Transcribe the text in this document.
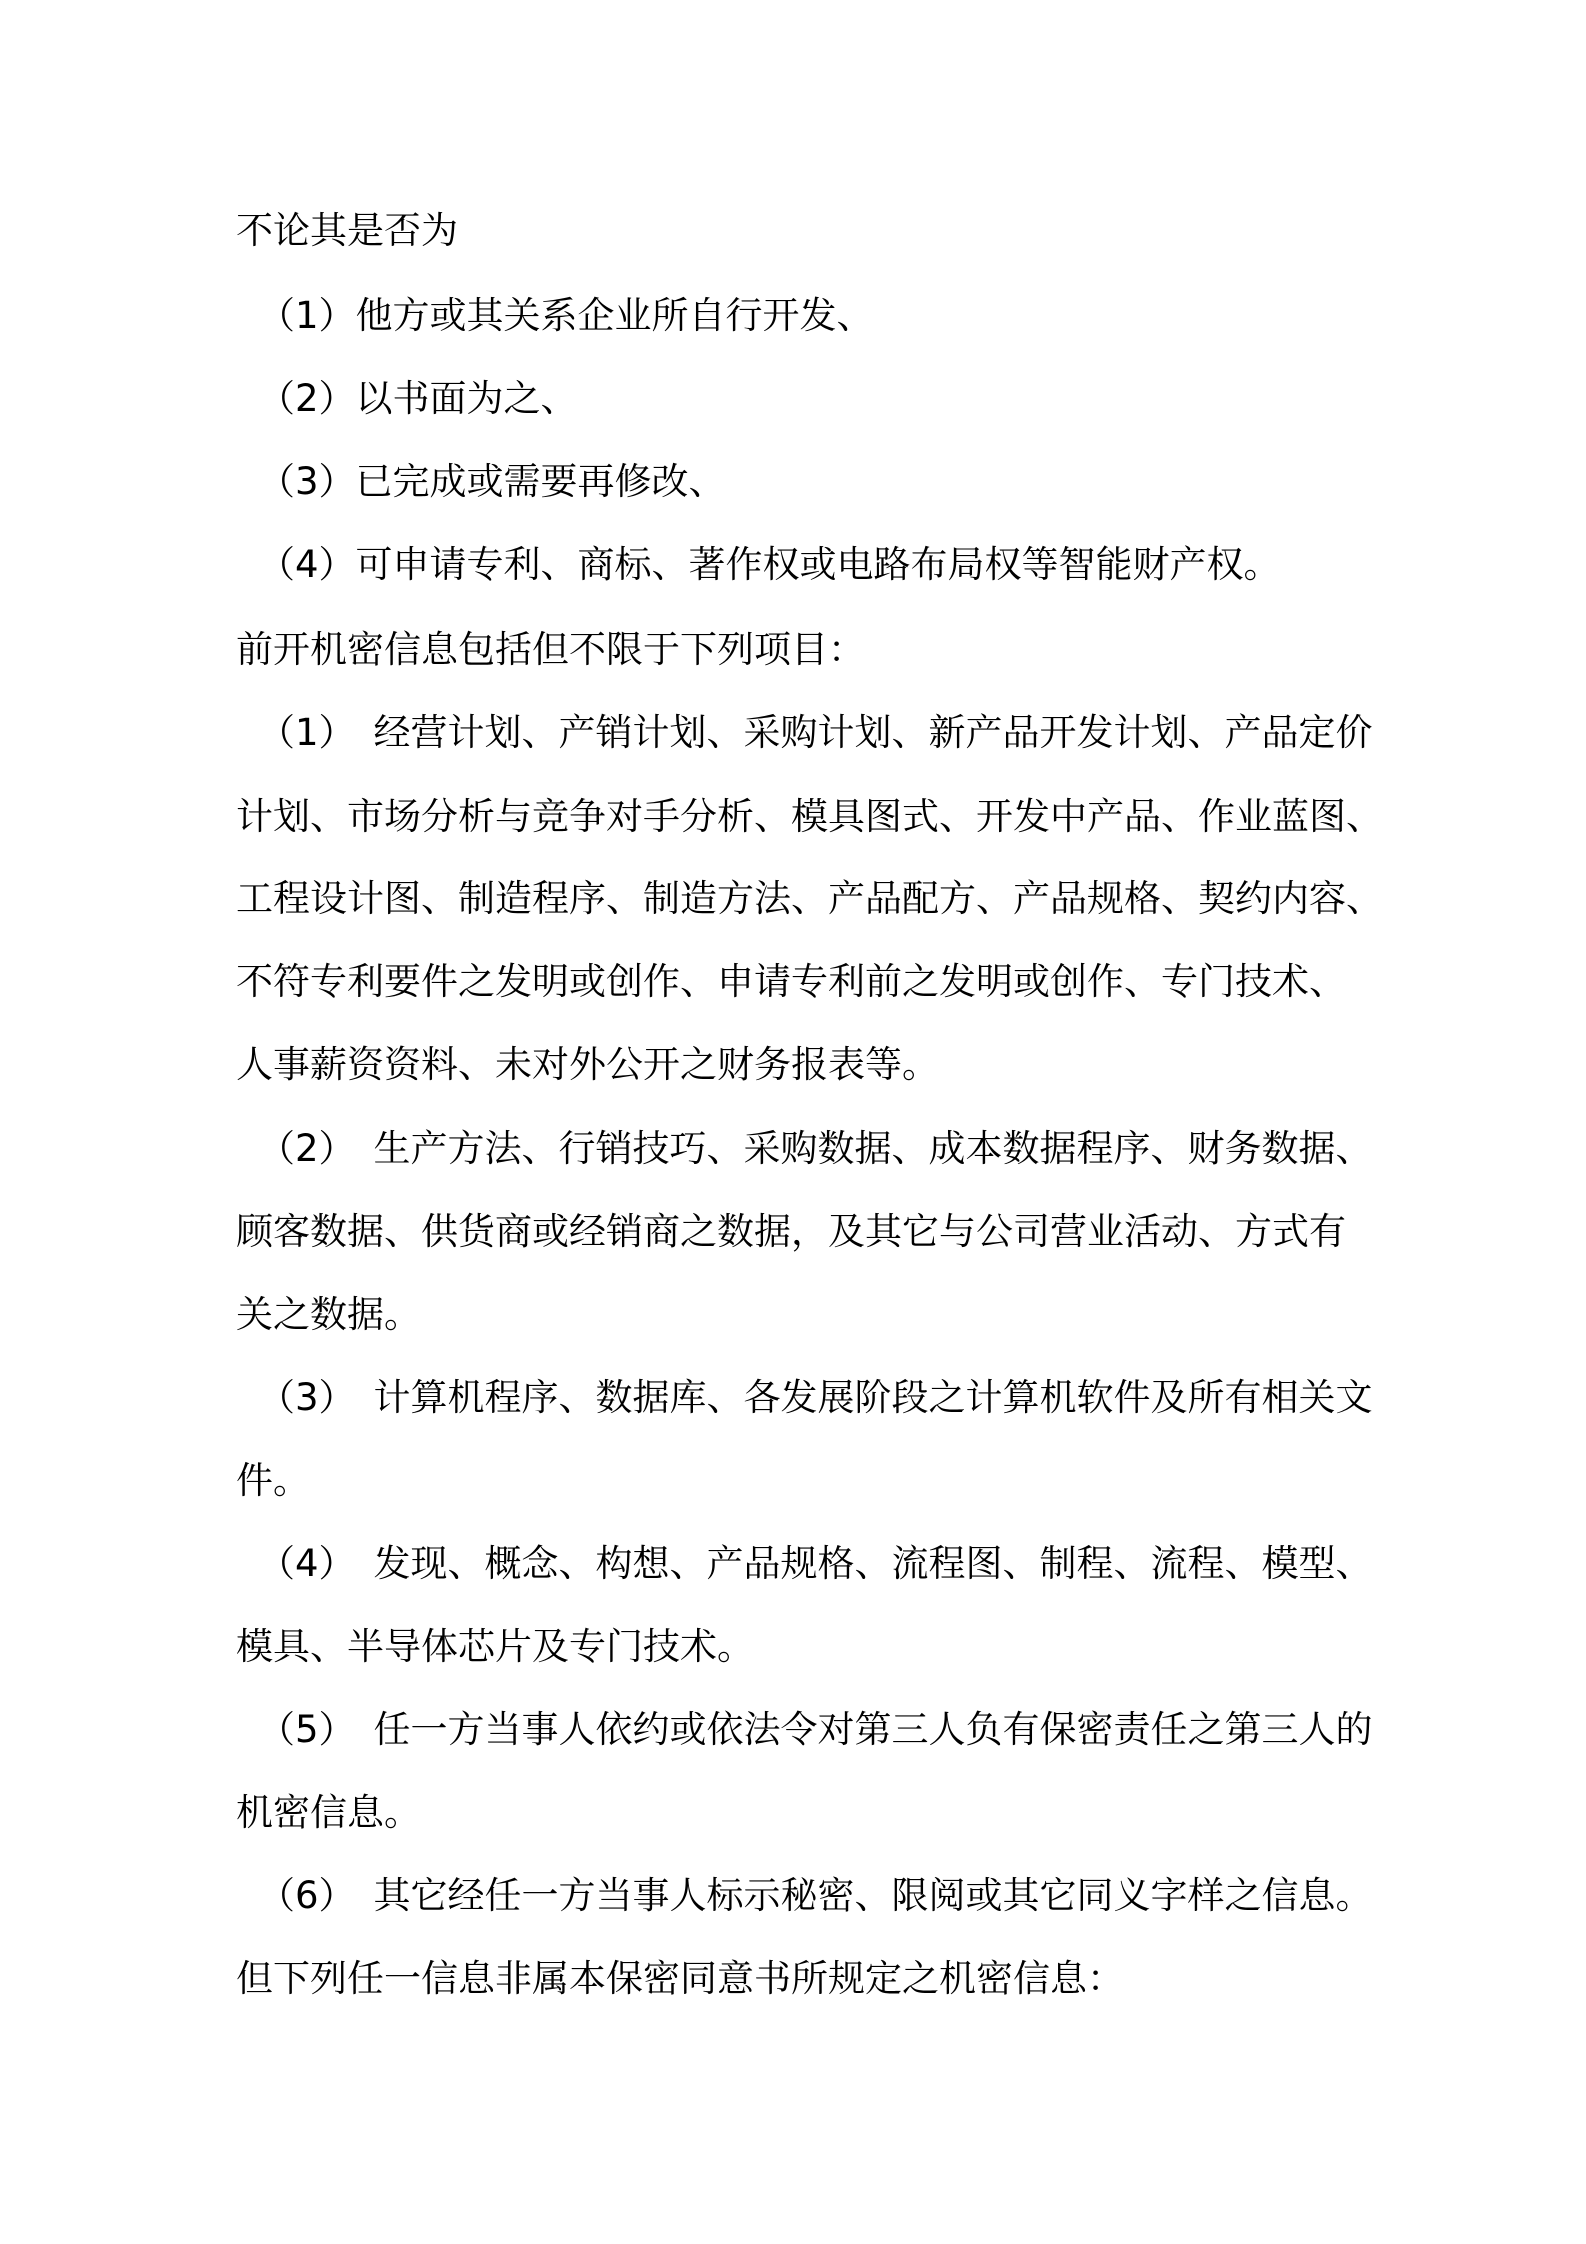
不论其是否为
（1）他方或其关系企业所自行开发、
（2）以书面为之、
（3）已完成或需要再修改、
（4）可申请专利、商标、著作权或电路布局权等智能财产权。
前开机密信息包括但不限于下列项目：
（1） 经营计划、产销计划、采购计划、新产品开发计划、产品定价
计划、市场分析与竞争对手分析、模具图式、开发中产品、作业蓝图、
工程设计图、制造程序、制造方法、产品配方、产品规格、契约内容、
不符专利要件之发明或创作、申请专利前之发明或创作、专门技术、
人事薪资资料、未对外公开之财务报表等。
（2） 生产方法、行销技巧、采购数据、成本数据程序、财务数据、
顾客数据、供货商或经销商之数据，及其它与公司营业活动、方式有
关之数据。
（3） 计算机程序、数据库、各发展阶段之计算机软件及所有相关文
件。
（4） 发现、概念、构想、产品规格、流程图、制程、流程、模型、
模具、半导体芯片及专门技术。
（5） 任一方当事人依约或依法令对第三人负有保密责任之第三人的
机密信息。
（6） 其它经任一方当事人标示秘密、限阅或其它同义字样之信息。
但下列任一信息非属本保密同意书所规定之机密信息：
